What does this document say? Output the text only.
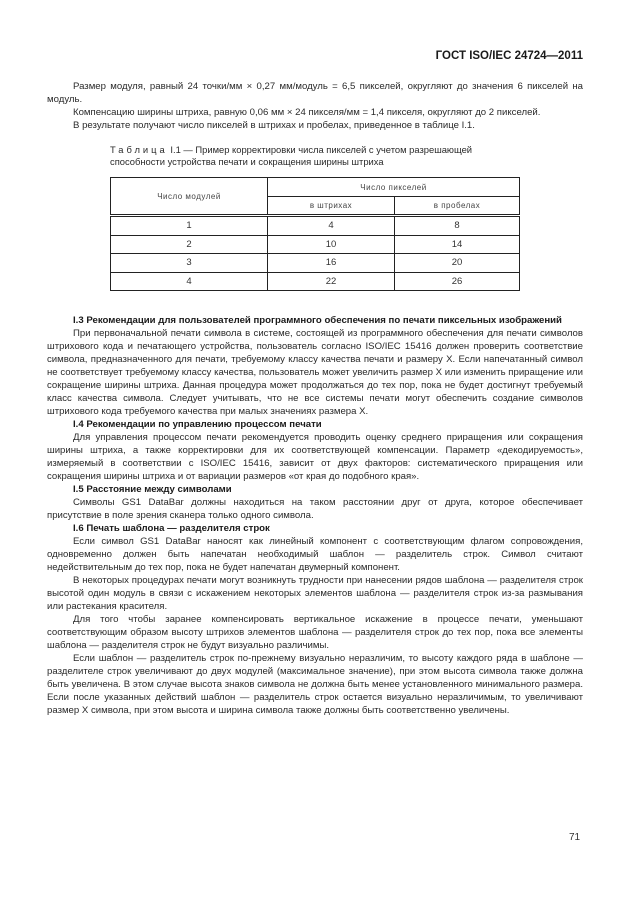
ГОСТ ISO/IEC 24724—2011

Размер модуля, равный 24 точки/мм × 0,27 мм/модуль = 6,5 пикселей, округляют до значения 6 пикселей на модуль.

Компенсацию ширины штриха, равную 0,06 мм × 24 пикселя/мм = 1,4 пикселя, округляют до 2 пикселей.

В результате получают число пикселей в штрихах и пробелах, приведенное в таблице I.1.

Таблица I.1 — Пример корректировки числа пикселей с учетом разрешающей способности устройства печати и сокращения ширины штриха
Число модулей	Число пикселей	
	в штрихах	в пробелах
1	4	8
2	10	14
3	16	20
4	22	26
I.3 Рекомендации для пользователей программного обеспечения по печати пиксельных изображений

При первоначальной печати символа в системе, состоящей из программного обеспечения для печати символов штрихового кода и печатающего устройства, пользователь согласно ISO/IEC 15416 должен проверить соответствие символа, предназначенного для печати, требуемому классу качества печати и размеру X. Если напечатанный символ не соответствует требуемому классу качества, пользователь может увеличить размер X или изменить приращение или сокращение ширины штриха. Данная процедура может продолжаться до тех пор, пока не будет достигнут требуемый класс качества символа. Следует учитывать, что не все системы печати могут обеспечить создание символов штрихового кода требуемого качества при малых значениях размера X.

I.4 Рекомендации по управлению процессом печати

Для управления процессом печати рекомендуется проводить оценку среднего приращения или сокращения ширины штриха, а также корректировки для их соответствующей компенсации. Параметр «декодируемость», измеряемый в соответствии с ISO/IEC 15416, зависит от двух факторов: систематического приращения или сокращения ширины штриха и от вариации размеров «от края до подобного края».

I.5 Расстояние между символами

Символы GS1 DataBar должны находиться на таком расстоянии друг от друга, которое обеспечивает присутствие в поле зрения сканера только одного символа.

I.6 Печать шаблона — разделителя строк

Если символ GS1 DataBar наносят как линейный компонент с соответствующим флагом сопровождения, одновременно должен быть напечатан необходимый шаблон — разделитель строк. Символ считают недействительным до тех пор, пока не будет напечатан двумерный компонент.

В некоторых процедурах печати могут возникнуть трудности при нанесении рядов шаблона — разделителя строк высотой один модуль в связи с искажением некоторых элементов шаблона — разделителя строк из-за размывания или растекания красителя.

Для того чтобы заранее компенсировать вертикальное искажение в процессе печати, уменьшают соответствующим образом высоту штрихов элементов шаблона — разделителя строк до тех пор, пока все элементы шаблона — разделителя строк не будут визуально различимы.

Если шаблон — разделитель строк по-прежнему визуально неразличим, то высоту каждого ряда в шаблоне — разделителе строк увеличивают до двух модулей (максимальное значение), при этом высота символа также должна быть увеличена. В этом случае высота знаков символа не должна быть менее установленного минимального размера. Если после указанных действий шаблон — разделитель строк остается визуально неразличимым, то увеличивают размер X символа, при этом высота и ширина символа также должны быть соответственно увеличены.

71
